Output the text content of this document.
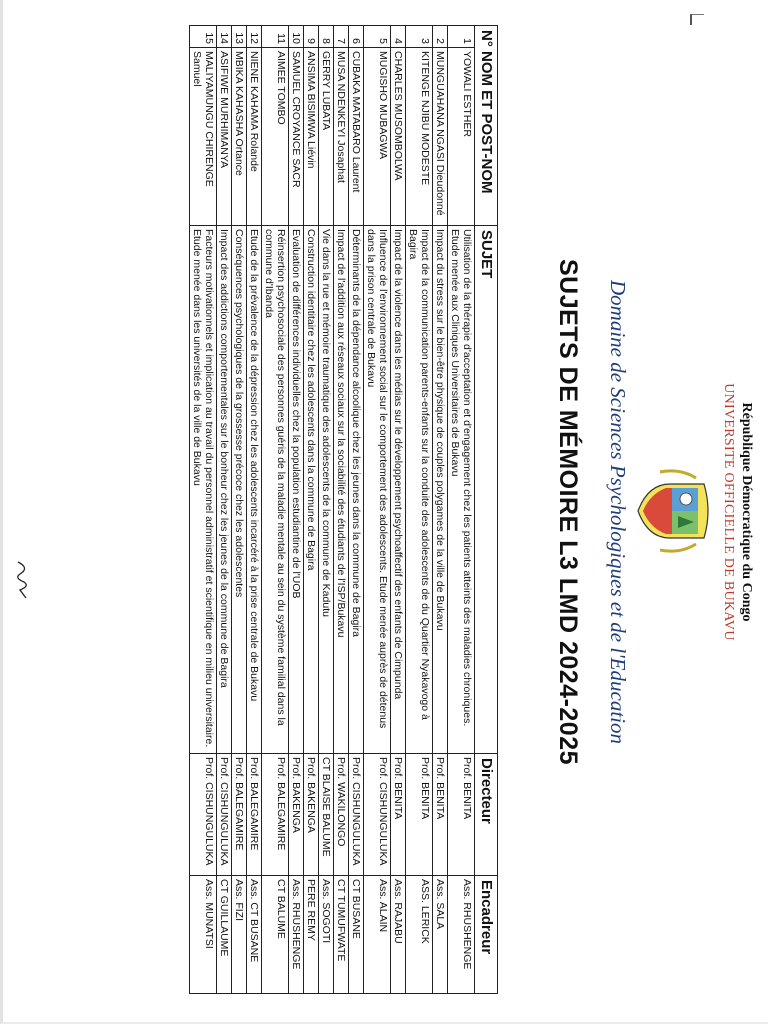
République Démocratique du Congo
UNIVERSITE OFFICIELLE DE BUKAVU
Domaine de Sciences Psychologiques et de l'Education
SUJETS DE MÉMOIRE L3 LMD 2024-2025
N° NOM ET POST-NOM		SUJET	Directeur	Encadreur
1	YOWALI ESTHER	Utilisation de la thérapie d'acceptation et d'engagement chez les patients atteints des maladies chroniques. Etude menée aux Cliniques Universitaires de Bukavu	Prof. BENITA	Ass. RHUSHENGE
2	MUNGUAHANA NGASI Dieudonné	Impact du stress sur le bien-être physique de couples polygames de la ville de Bukavu	Prof. BENITA	Ass. SALA
3	KITENGE NJIBU MODESTE	Impact de la communication parents-enfants sur la conduite des adolescents de du Quartier Nyakavogo à Bagira	Prof. BENITA	ASS. LERICK
4	CHARLES MUSOMBOLWA	Impact de la violence dans les médias sur le développement psychoaffectif des enfants de Cimpunda	Prof. BENITA	Ass. RAJABU
5	MUGISHO MUBAGWA	Influence de l'environnement social sur le comportement des adolescents. Etude menée auprès de détenus dans la prison centrale de Bukavu	Prof. CISHUNGULUKA	Ass. ALAIN
6	CUBAKA MATABARO Laurent	Déterminants de la dépendance alcoolique chez les jeunes dans la commune de Bagira	Prof. CISHUNGULUKA	CT BUSANE
7	MUSA NDENKEYI Josaphat	Impact de l'addition aux réseaux sociaux sur la sociabilité des étudiants de l'ISP/Bukavu	Prof. WAKILONGO	CT TUMUFWATE
8	GERRY LUBATA	Vie dans la rue et mémoire traumatique des adolescents de la commune de Kadutu	CT BLAISE BALUME	Ass. SOGOTI
9	ANSIMA BISIMWA Liévin	Construction identitaire chez les adolescents dans la commune de Bagira	Prof. BAKENGA	PERE REMY
10	SAMUEL CROYANCE SACR	Evaluation de différences individuelles chez la population estudiantine de l'UOB	Prof. BAKENGA	Ass. RHUSHENGE
11	AIMEE TOMBO	Réinsertion psychosociale des personnes guéris de la maladie mentale au sein du système familial dans la commune d'Ibanda	Prof. BALEGAMIRE	CT BALUME
12	NIENE KAHAMA Rolande	Etude de la prévalence de la dépression chez les adolescents incarcéré à la prise centrale de Bukavu	Prof. BALEGAMIRE	Ass. CT BUSANE
13	MBIKA KAHASHA Ortance	Conséquences psychologiques de la grossesse précoce chez les adolescentes	Prof. BALEGAMIRE	Ass. FIZI
14	ASIFIWE MURHIMANYA	Impact des addictions comportementales sur le bonheur chez les jeunes de la commune de Bagira	Prof. CISHUNGULUKA	CT GUILLAUME
15	MALIYAMUNGU CHIRENGE Samuel	Facteurs motivationnels et implication au travail du personnel administratif et scientifique en milieu universitaire. Etude menée dans les universités de la ville de Bukavu	Prof. CISHUNGULUKA	Ass. MUNATSI
